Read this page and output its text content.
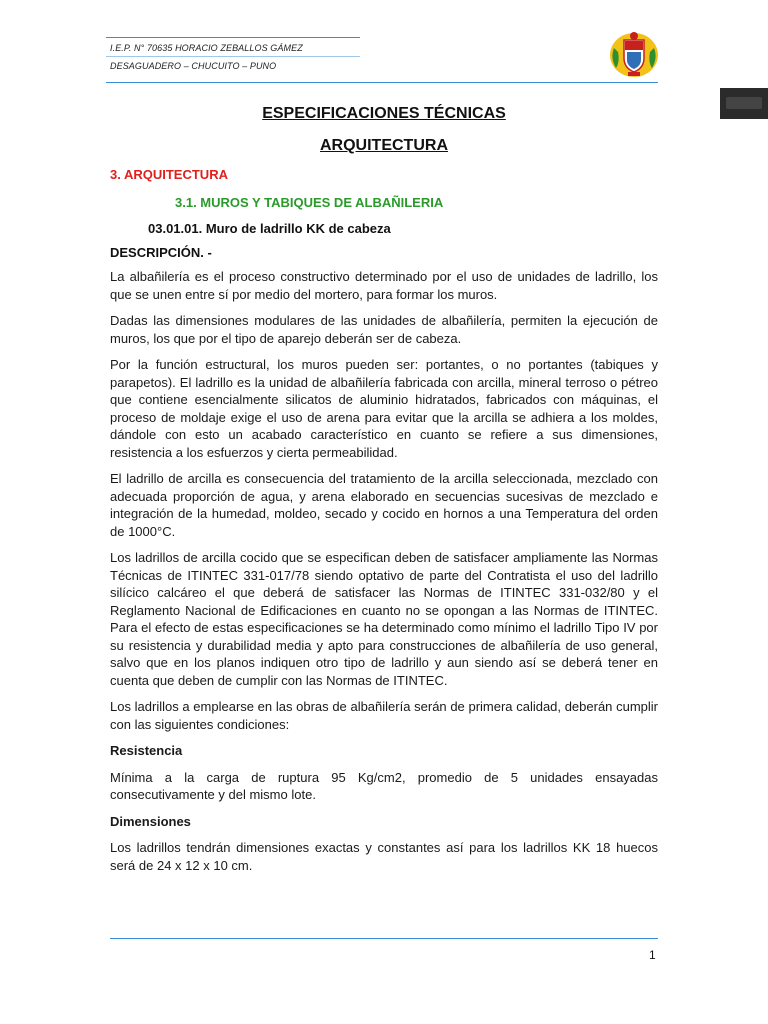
I.E.P. N° 70635 HORACIO ZEBALLOS GÁMEZ
DESAGUADERO – CHUCUITO – PUNO
ESPECIFICACIONES TÉCNICAS
ARQUITECTURA
3. ARQUITECTURA
3.1. MUROS Y TABIQUES DE ALBAÑILERIA
03.01.01. Muro de ladrillo KK de cabeza
DESCRIPCIÓN. -

La albañilería es el proceso constructivo determinado por el uso de unidades de ladrillo, los que se unen entre sí por medio del mortero, para formar los muros.

Dadas las dimensiones modulares de las unidades de albañilería, permiten la ejecución de muros, los que por el tipo de aparejo deberán ser de cabeza.

Por la función estructural, los muros pueden ser: portantes, o no portantes (tabiques y parapetos). El ladrillo es la unidad de albañilería fabricada con arcilla, mineral terroso o pétreo que contiene esencialmente silicatos de aluminio hidratados, fabricados con máquinas, el proceso de moldaje exige el uso de arena para evitar que la arcilla se adhiera a los moldes, dándole con esto un acabado característico en cuanto se refiere a sus dimensiones, resistencia a los esfuerzos y cierta permeabilidad.

El ladrillo de arcilla es consecuencia del tratamiento de la arcilla seleccionada, mezclado con adecuada proporción de agua, y arena elaborado en secuencias sucesivas de mezclado e integración de la humedad, moldeo, secado y cocido en hornos a una Temperatura del orden de 1000°C.

Los ladrillos de arcilla cocido que se especifican deben de satisfacer ampliamente las Normas Técnicas de ITINTEC 331-017/78 siendo optativo de parte del Contratista el uso del ladrillo silícico calcáreo el que deberá de satisfacer las Normas de ITINTEC 331-032/80 y el Reglamento Nacional de Edificaciones en cuanto no se opongan a las Normas de ITINTEC. Para el efecto de estas especificaciones se ha determinado como mínimo el ladrillo Tipo IV por su resistencia y durabilidad media y apto para construcciones de albañilería de uso general, salvo que en los planos indiquen otro tipo de ladrillo y aun siendo así se deberá tener en cuenta que deben de cumplir con las Normas de ITINTEC.

Los ladrillos a emplearse en las obras de albañilería serán de primera calidad, deberán cumplir con las siguientes condiciones:

Resistencia

Mínima a la carga de ruptura 95 Kg/cm2, promedio de 5 unidades ensayadas consecutivamente y del mismo lote.

Dimensiones

Los ladrillos tendrán dimensiones exactas y constantes así para los ladrillos KK 18 huecos será de 24 x 12 x 10 cm.

1
